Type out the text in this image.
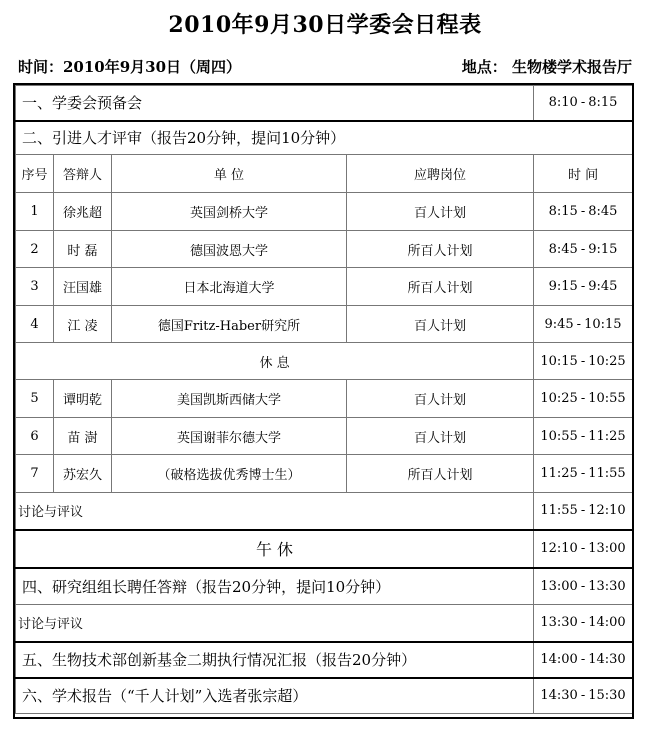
2010年9月30日学委会日程表
时间：2010年9月30日（周四）	地点： 生物楼学术报告厅
一、学委会预备会				8:10 - 8:15
二、引进人才评审（报告20分钟，提问10分钟）				
序号	答辩人	单 位	应聘岗位	时 间
1	徐兆超	英国剑桥大学	百人计划	8:15 - 8:45
2	时 磊	德国波恩大学	所百人计划	8:45 - 9:15
3	汪国雄	日本北海道大学	所百人计划	9:15 - 9:45
4	江 凌	德国Fritz-Haber研究所	百人计划	9:45 - 10:15
休 息				10:15 - 10:25
5	谭明乾	美国凯斯西储大学	百人计划	10:25 - 10:55
6	苗 澍	英国谢菲尔德大学	百人计划	10:55 - 11:25
7	苏宏久	（破格选拔优秀博士生）	所百人计划	11:25 - 11:55
讨论与评议				11:55 - 12:10
午 休				12:10 - 13:00
四、研究组组长聘任答辩（报告20分钟，提问10分钟）				13:00 - 13:30
讨论与评议				13:30 - 14:00
五、生物技术部创新基金二期执行情况汇报（报告20分钟）				14:00 - 14:30
六、学术报告（“千人计划”入选者张宗超）				14:30 - 15:30
